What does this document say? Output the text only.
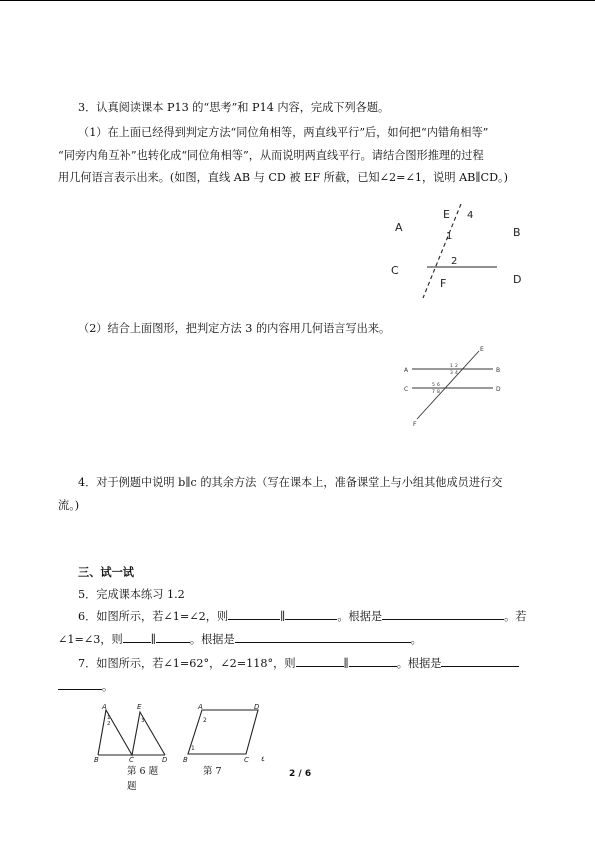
3．认真阅读课本 P13 的“思考”和 P14 内容，完成下列各题。
（1）在上面已经得到判定方法“同位角相等，两直线平行”后，如何把“内错角相等”
“同旁内角互补”也转化成“同位角相等”，从而说明两直线平行。请结合图形推理的过程
用几何语言表示出来。(如图，直线 AB 与 CD 被 EF 所截，已知∠2=∠1，说明 AB∥CD。)
A	B
C
D
E
F
1
2
4
（2）结合上面图形，把判定方法 3 的内容用几何语言写出来。
A	B
C	D
E
F
1 2
3 4
5 6
7 8
4．对于例题中说明 b∥c 的其余方法（写在课本上，准备课堂上与小组其他成员进行交
流。)
三、试一试
5．完成课本练习 1.2
6．如图所示，若∠1=∠2，则	∥	。根据是	。若
∠1=∠3，则	∥	。根据是	。
7．如图所示，若∠1=62°，∠2=118°，则	∥	。根据是
。
A	E
B	C	D
1
2	3
A	D
B	C
2
1
第 6 题
题
第 7
٤
2 / 6
